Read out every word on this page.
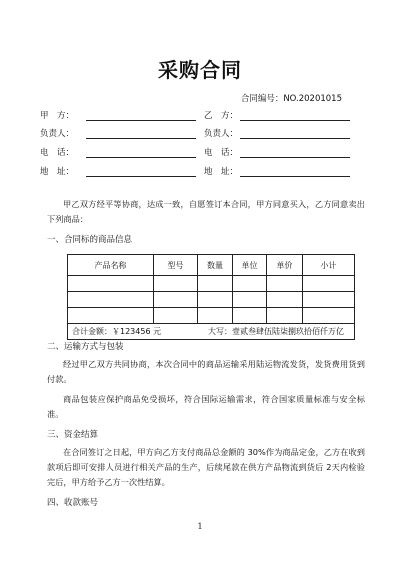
采购合同
合同编号：NO.20201015
甲　方：
负责人：
电　话：
地　址：
乙　方：
负责人：
电　话：
地　址：
甲乙双方经平等协商，达成一致，自愿签订本合同，甲方同意买入，乙方同意卖出下列商品：
一、合同标的商品信息
产品名称	型号	数量	单位	单价	小计

合计金额：￥123456 元 大写：壹贰叁肆伍陆柒捌玖拾佰仟万亿					
二、运输方式与包装
经过甲乙双方共同协商，本次合同中的商品运输采用陆运物流发货，发货费用货到付款。
商品包装应保护商品免受损坏，符合国际运输需求，符合国家质量标准与安全标准。
三、资金结算
在合同签订之日起，甲方向乙方支付商品总金额的 30%作为商品定金，乙方在收到款项后即可安排人员进行相关产品的生产，后续尾款在供方产品物流到货后 2天内检验完后，甲方给予乙方一次性结算。
四、收款账号
1
